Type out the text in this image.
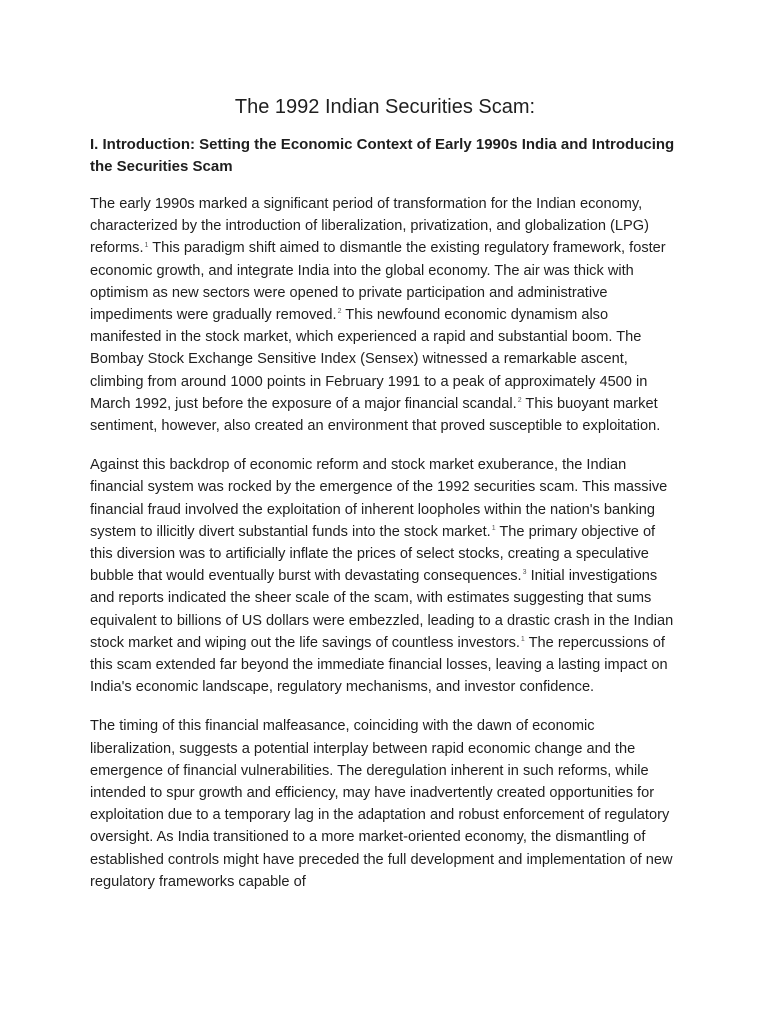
The 1992 Indian Securities Scam:
I. Introduction: Setting the Economic Context of Early 1990s India and Introducing the Securities Scam

The early 1990s marked a significant period of transformation for the Indian economy, characterized by the introduction of liberalization, privatization, and globalization (LPG) reforms.$^1$ This paradigm shift aimed to dismantle the existing regulatory framework, foster economic growth, and integrate India into the global economy. The air was thick with optimism as new sectors were opened to private participation and administrative impediments were gradually removed.$^2$ This newfound economic dynamism also manifested in the stock market, which experienced a rapid and substantial boom. The Bombay Stock Exchange Sensitive Index (Sensex) witnessed a remarkable ascent, climbing from around 1000 points in February 1991 to a peak of approximately 4500 in March 1992, just before the exposure of a major financial scandal.$^2$ This buoyant market sentiment, however, also created an environment that proved susceptible to exploitation.

Against this backdrop of economic reform and stock market exuberance, the Indian financial system was rocked by the emergence of the 1992 securities scam. This massive financial fraud involved the exploitation of inherent loopholes within the nation's banking system to illicitly divert substantial funds into the stock market.$^1$ The primary objective of this diversion was to artificially inflate the prices of select stocks, creating a speculative bubble that would eventually burst with devastating consequences.$^3$ Initial investigations and reports indicated the sheer scale of the scam, with estimates suggesting that sums equivalent to billions of US dollars were embezzled, leading to a drastic crash in the Indian stock market and wiping out the life savings of countless investors.$^1$ The repercussions of this scam extended far beyond the immediate financial losses, leaving a lasting impact on India's economic landscape, regulatory mechanisms, and investor confidence.

The timing of this financial malfeasance, coinciding with the dawn of economic liberalization, suggests a potential interplay between rapid economic change and the emergence of financial vulnerabilities. The deregulation inherent in such reforms, while intended to spur growth and efficiency, may have inadvertently created opportunities for exploitation due to a temporary lag in the adaptation and robust enforcement of regulatory oversight. As India transitioned to a more market-oriented economy, the dismantling of established controls might have preceded the full development and implementation of new regulatory frameworks capable of
